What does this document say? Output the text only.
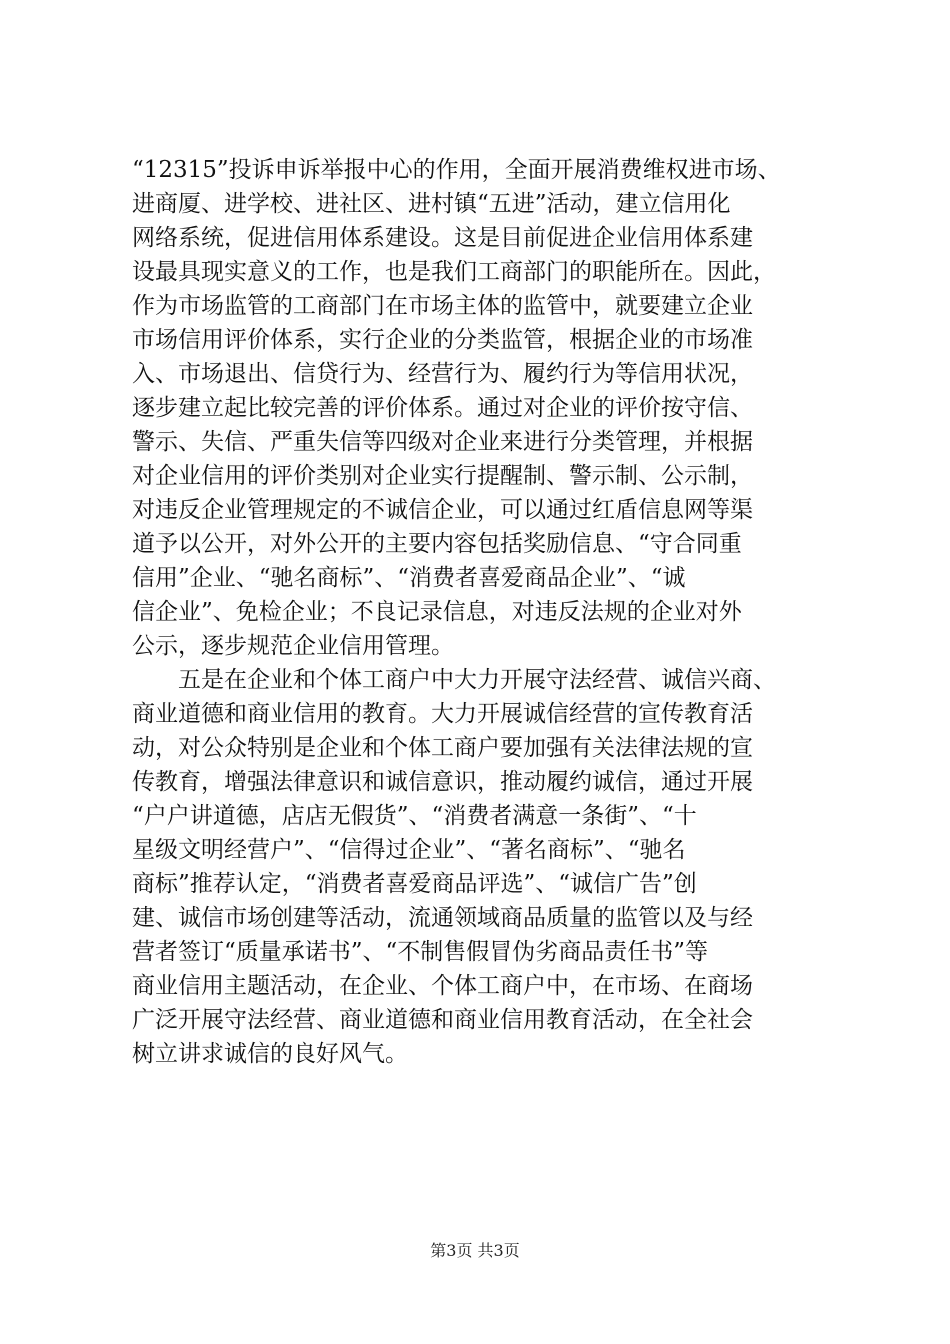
“12315”投诉申诉举报中心的作用，全面开展消费维权进市场、
进商厦、进学校、进社区、进村镇“五进”活动，建立信用化
网络系统，促进信用体系建设。这是目前促进企业信用体系建
设最具现实意义的工作，也是我们工商部门的职能所在。因此，
作为市场监管的工商部门在市场主体的监管中，就要建立企业
市场信用评价体系，实行企业的分类监管，根据企业的市场准
入、市场退出、信贷行为、经营行为、履约行为等信用状况，
逐步建立起比较完善的评价体系。通过对企业的评价按守信、
警示、失信、严重失信等四级对企业来进行分类管理，并根据
对企业信用的评价类别对企业实行提醒制、警示制、公示制，
对违反企业管理规定的不诚信企业，可以通过红盾信息网等渠
道予以公开，对外公开的主要内容包括奖励信息、“守合同重
信用”企业、“驰名商标”、“消费者喜爱商品企业”、“诚
信企业”、免检企业；不良记录信息，对违反法规的企业对外
公示，逐步规范企业信用管理。
　　五是在企业和个体工商户中大力开展守法经营、诚信兴商、
商业道德和商业信用的教育。大力开展诚信经营的宣传教育活
动，对公众特别是企业和个体工商户要加强有关法律法规的宣
传教育，增强法律意识和诚信意识，推动履约诚信，通过开展
“户户讲道德，店店无假货”、“消费者满意一条街”、“十
星级文明经营户”、“信得过企业”、“著名商标”、“驰名
商标”推荐认定，“消费者喜爱商品评选”、“诚信广告”创
建、诚信市场创建等活动，流通领域商品质量的监管以及与经
营者签订“质量承诺书”、“不制售假冒伪劣商品责任书”等
商业信用主题活动，在企业、个体工商户中，在市场、在商场
广泛开展守法经营、商业道德和商业信用教育活动，在全社会
树立讲求诚信的良好风气。
第3页 共3页
